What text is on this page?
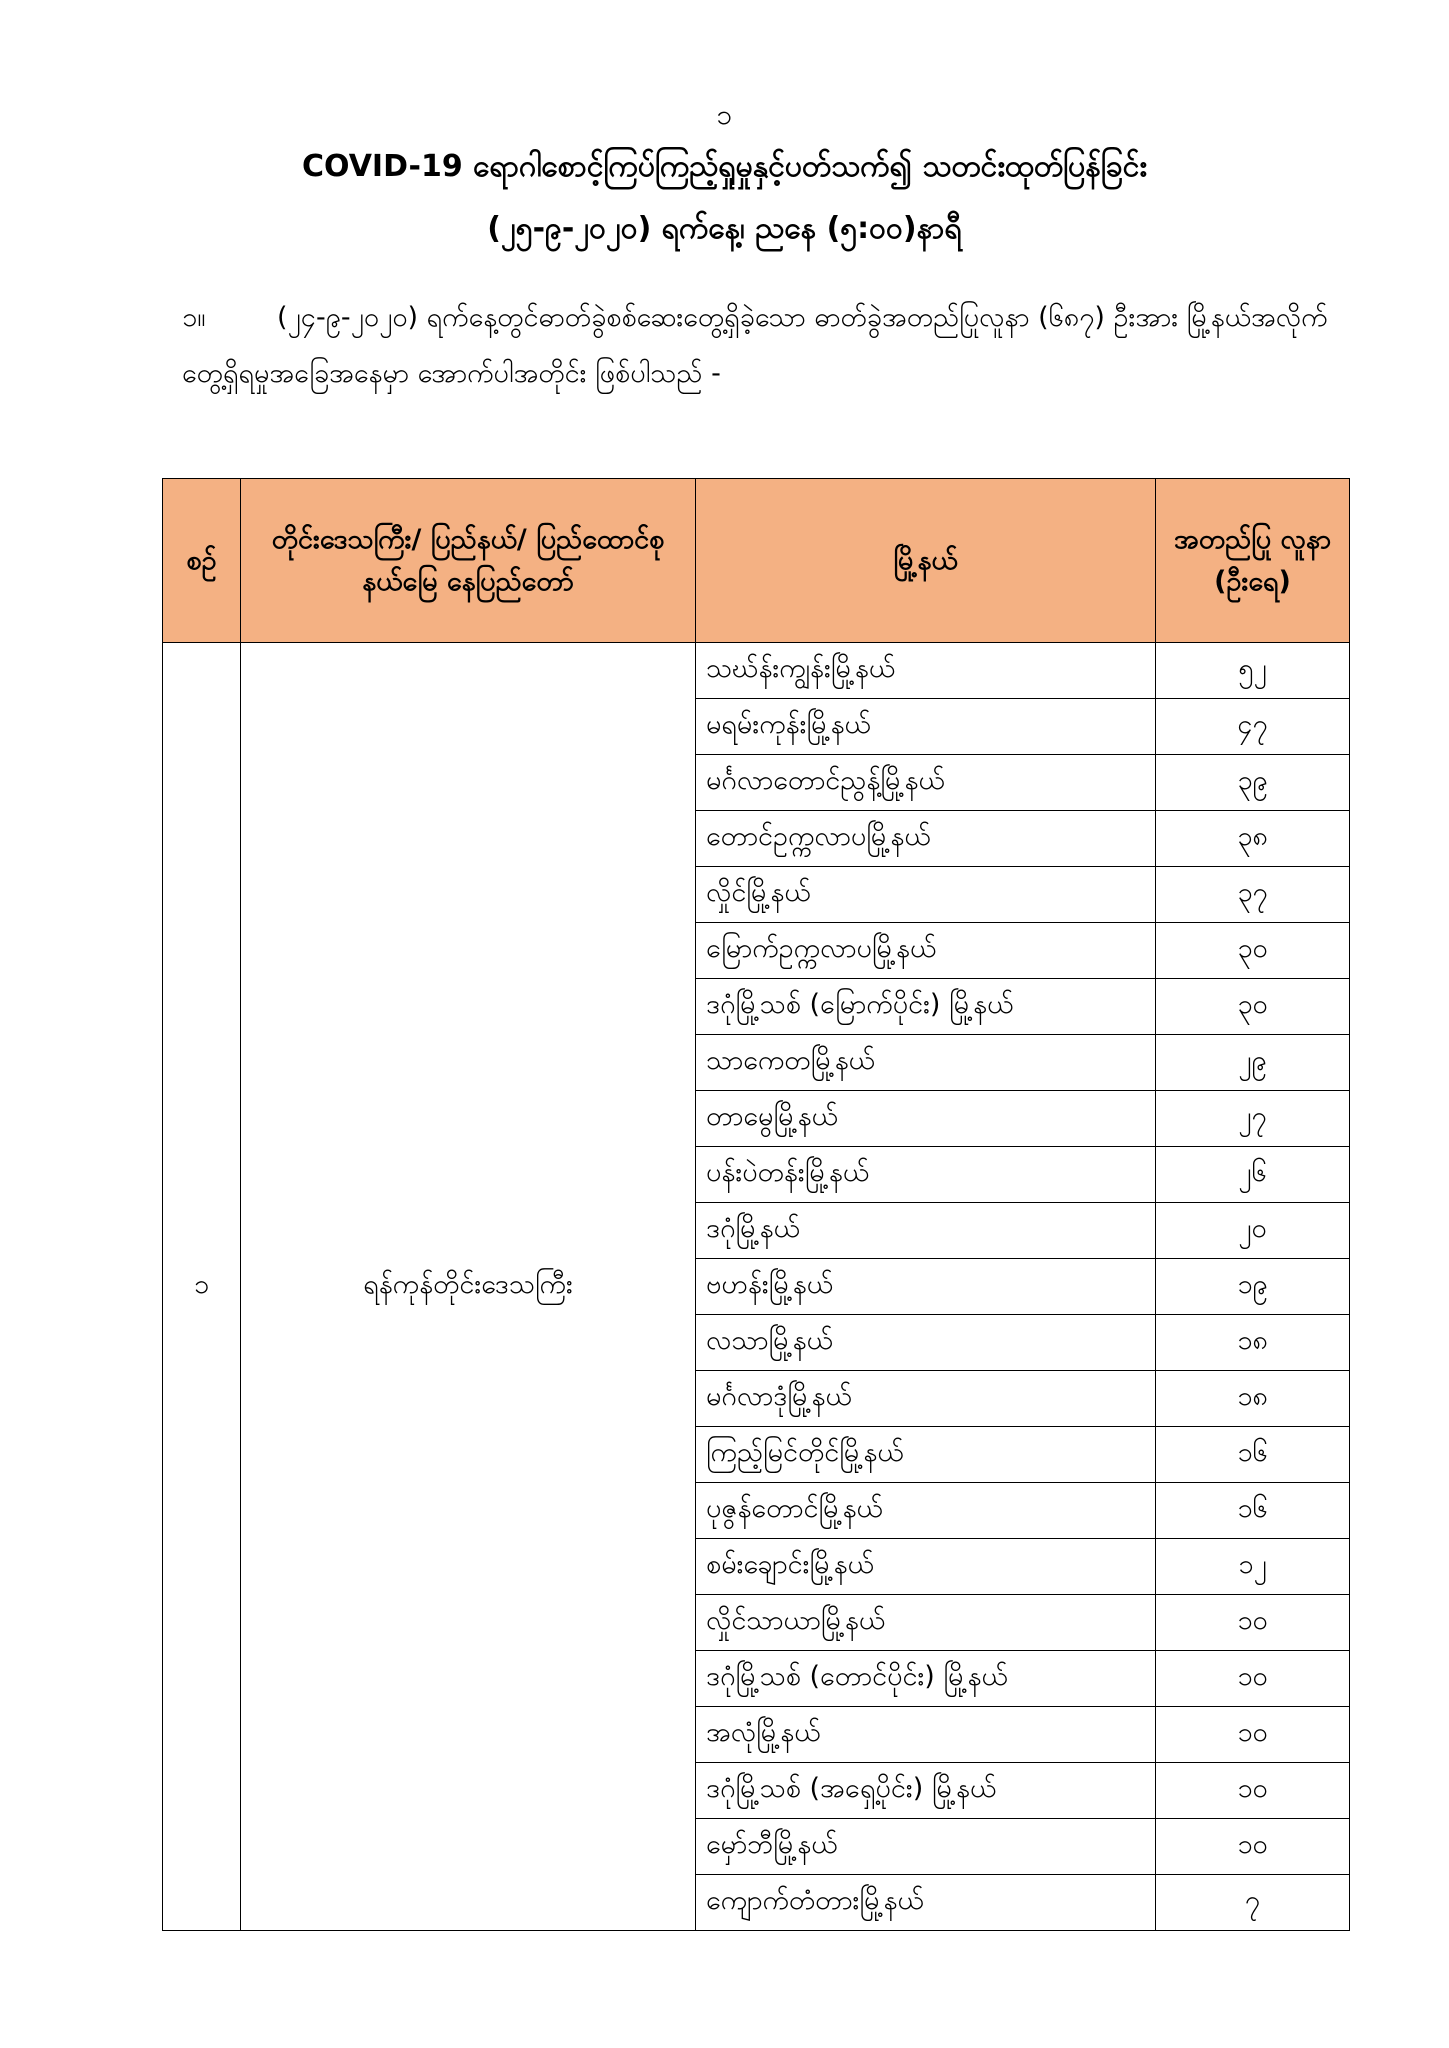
၁
COVID-19 ရောဂါစောင့်ကြပ်ကြည့်ရှုမှုနှင့်ပတ်သက်၍ သတင်းထုတ်ပြန်ခြင်း
(၂၅-၉-၂၀၂၀) ရက်နေ့၊ ညနေ (၅:၀၀)နာရီ
၁။	(၂၄-၉-၂၀၂၀) ရက်နေ့တွင်ဓာတ်ခွဲစစ်ဆေးတွေ့ရှိခဲ့သော ဓာတ်ခွဲအတည်ပြုလူနာ (၆၈၇) ဦးအား မြို့နယ်အလိုက်တွေ့ရှိရမှုအခြေအနေမှာ အောက်ပါအတိုင်း ဖြစ်ပါသည် -
စဉ်	တိုင်းဒေသကြီး/ ပြည်နယ်/ ပြည်ထောင်စုနယ်မြေ နေပြည်တော်	မြို့နယ်	အတည်ပြု လူနာ (ဦးရေ)
၁	ရန်ကုန်တိုင်းဒေသကြီး	သဃ်န်းကျွန်းမြို့နယ်	၅၂
		မရမ်းကုန်းမြို့နယ်	၄၇
		မင်္ဂလာတောင်ညွန့်မြို့နယ်	၃၉
		တောင်ဥက္ကလာပမြို့နယ်	၃၈
		လှိုင်မြို့နယ်	၃၇
		မြောက်ဥက္ကလာပမြို့နယ်	၃၀
		ဒဂုံမြို့သစ် (မြောက်ပိုင်း) မြို့နယ်	၃၀
		သာကေတမြို့နယ်	၂၉
		တာမွေမြို့နယ်	၂၇
		ပန်းပဲတန်းမြို့နယ်	၂၆
		ဒဂုံမြို့နယ်	၂၀
		ဗဟန်းမြို့နယ်	၁၉
		လသာမြို့နယ်	၁၈
		မင်္ဂလာဒုံမြို့နယ်	၁၈
		ကြည့်မြင်တိုင်မြို့နယ်	၁၆
		ပုဇွန်တောင်မြို့နယ်	၁၆
		စမ်းချောင်းမြို့နယ်	၁၂
		လှိုင်သာယာမြို့နယ်	၁၀
		ဒဂုံမြို့သစ် (တောင်ပိုင်း) မြို့နယ်	၁၀
		အလုံမြို့နယ်	၁၀
		ဒဂုံမြို့သစ် (အရှေ့ပိုင်း) မြို့နယ်	၁၀
		မှော်ဘီမြို့နယ်	၁၀
		ကျောက်တံတားမြို့နယ်	၇
